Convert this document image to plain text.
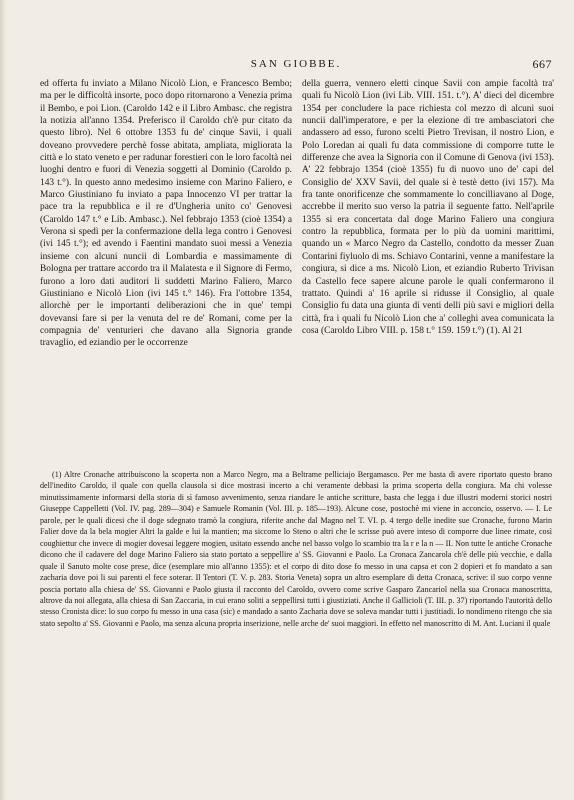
SAN GIOBBE.	667

ed offerta fu inviato a Milano Nicolò Lion, e Francesco Bembo; ma per le difficoltà insorte, poco dopo ritornarono a Venezia prima il Bembo, e poi Lion. (Caroldo 142 e il Libro Ambasc. che registra la notizia all'anno 1354. Preferisco il Caroldo ch'è pur citato da questo libro). Nel 6 ottobre 1353 fu de' cinque Savii, i quali doveano provvedere perchè fosse abitata, ampliata, migliorata la città e lo stato veneto e per radunar forestieri con le loro facoltà nei luoghi dentro e fuori di Venezia soggetti al Dominio (Caroldo p. 143 t.°). In questo anno medesimo insieme con Marino Faliero, e Marco Giustiniano fu inviato a papa Innocenzo VI per trattar la pace tra la repubblica e il re d'Ungheria unito co' Genovesi (Caroldo 147 t.° e Lib. Ambasc.). Nel febbrajo 1353 (cioè 1354) a Verona si spedì per la confermazione della lega contro i Genovesi (ivi 145 t.°); ed avendo i Faentini mandato suoi messi a Venezia insieme con alcuni nuncii di Lombardia e massimamente di Bologna per trattare accordo tra il Malatesta e il Signore di Fermo, furono a loro dati auditori li suddetti Marino Faliero, Marco Giustiniano e Nicolò Lion (ivi 145 t.° 146). Fra l'ottobre 1354, allorchè per le importanti deliberazioni che in que' tempi dovevansi fare si per la venuta del re de' Romani, come per la compagnia de' venturieri che davano alla Signoria grande travaglio, ed eziandio per le occorrenze

della guerra, vennero eletti cinque Savii con ampie facoltà tra' quali fu Nicolò Lion (ivi Lib. VIII. 151. t.°). A' dieci del dicembre 1354 per concludere la pace richiesta col mezzo di alcuni suoi nuncii dall'imperatore, e per la elezione di tre ambasciatori che andassero ad esso, furono scelti Pietro Trevisan, il nostro Lion, e Polo Loredan ai quali fu data commissione di comporre tutte le differenze che avea la Signoria con il Comune di Genova (ivi 153). A' 22 febbrajo 1354 (cioè 1355) fu di nuovo uno de' capi del Consiglio de' XXV Savii, del quale si è testè detto (ivi 157). Ma fra tante onorificenze che sommamente lo concilliavano al Doge, accrebbe il merito suo verso la patria il seguente fatto. Nell'aprile 1355 si era concertata dal doge Marino Faliero una congiura contro la repubblica, formata per lo più da uomini marittimi, quando un « Marco Negro da Castello, condotto da messer Zuan Contarini fiyluolo di ms. Schiavo Contarini, venne a manifestare la congiura, si dice a ms. Nicolò Lion, et eziandio Ruberto Trivisan da Castello fece sapere alcune parole le quali confermarono il trattato. Quindi a' 16 aprile si ridusse il Consiglio, al quale Consiglio fu data una giunta di venti delli più savi e migliori della città, fra i quali fu Nicolò Lion che a' colleghi avea comunicata la cosa (Caroldo Libro VIII. p. 158 t.° 159. 159 t.°) (1). Al 21

(1) Altre Cronache attribuiscono la scoperta non a Marco Negro, ma a Beltrame pelliciajo Bergamasco. Per me basta di avere riportato questo brano dell'inedito Caroldo, il quale con quella clausola si dice mostrasi incerto a chi veramente debbasi la prima scoperta della congiura. Ma chi volesse minutissimamente informarsi della storia di sì famoso avvenimento, senza riandare le antiche scritture, basta che legga i due illustri moderni storici nostri Giuseppe Cappelletti (Vol. IV. pag. 289—304) e Samuele Romanin (Vol. III. p. 185—193). Alcune cose, postochè mi viene in acconcio, osservo. — I. Le parole, per le quali dicesi che il doge sdegnato tramò la congiura, riferite anche dal Magno nel T. VI. p. 4 tergo delle inedite sue Cronache, furono Marin Falier dove da la bela mogier Altri la galde e lui la mantien; ma siccome lo Steno o altri che le scrisse può avere inteso di comporre due linee rimate, così coughiettur che invece di mogier dovesai leggere mogien, usitato essendo anche nel basso volgo lo scambio tra la r e la n — II. Non tutte le antiche Cronache dicono che il cadavere del doge Marino Faliero sia stato portato a seppellire a' SS. Giovanni e Paolo. La Cronaca Zancarola ch'è delle più vecchie, e dalla quale il Sanuto molte cose prese, dice (esemplare mio all'anno 1355): et el corpo di dito dose fo messo in una capsa et con 2 dopieri et fo mandato a san zacharia dove poi li sui parenti el fece soterar. Il Tentori (T. V. p. 283. Storia Veneta) sopra un altro esemplare di detta Cronaca, scrive: il suo corpo venne poscia portato alla chiesa de' SS. Giovanni e Paolo giusta il racconto del Caroldo, ovvero come scrive Gasparo Zancariol nella sua Cronaca manoscritta, altrove da noi allegata, alla chiesa di San Zaccaria, in cui erano soliti a seppellirsi tutti i giustiziati. Anche il Gallicioli (T. III. p. 37) riportando l'autorità dello stesso Cronista dice: lo suo corpo fu messo in una casa (sic) e mandado a santo Zacharia dove se soleva mandar tutti i justitiadi. Io nondimeno ritengo che sia stato sepolto a' SS. Giovanni e Paolo, ma senza alcuna propria inserizione, nelle arche de' suoi maggiori. In effetto nel manoscritto di M. Ant. Luciani il quale
